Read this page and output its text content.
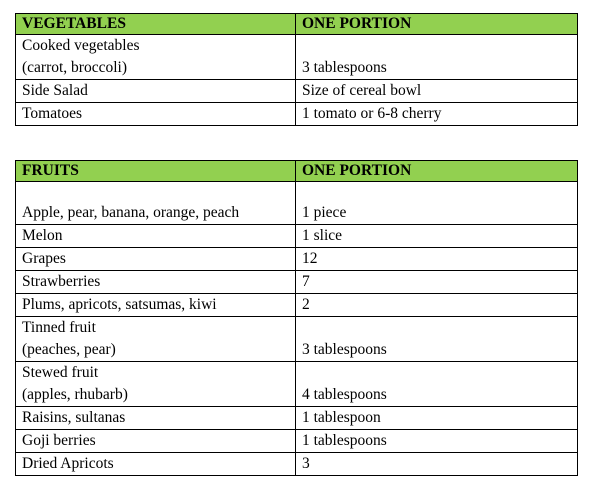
VEGETABLES	ONE PORTION

Cooked vegetables
(carrot, broccoli)	3 tablespoons
Side Salad	Size of cereal bowl
Tomatoes	1 tomato or 6-8 cherry
FRUITS	ONE PORTION
Apple, pear, banana, orange, peach	1 piece
Melon	1 slice
Grapes	12
Strawberries	7
Plums, apricots, satsumas, kiwi	2

Tinned fruit
(peaches, pear)	3 tablespoons

Stewed fruit
(apples, rhubarb)	4 tablespoons
Raisins, sultanas	1 tablespoon
Goji berries	1 tablespoons
Dried Apricots	3
